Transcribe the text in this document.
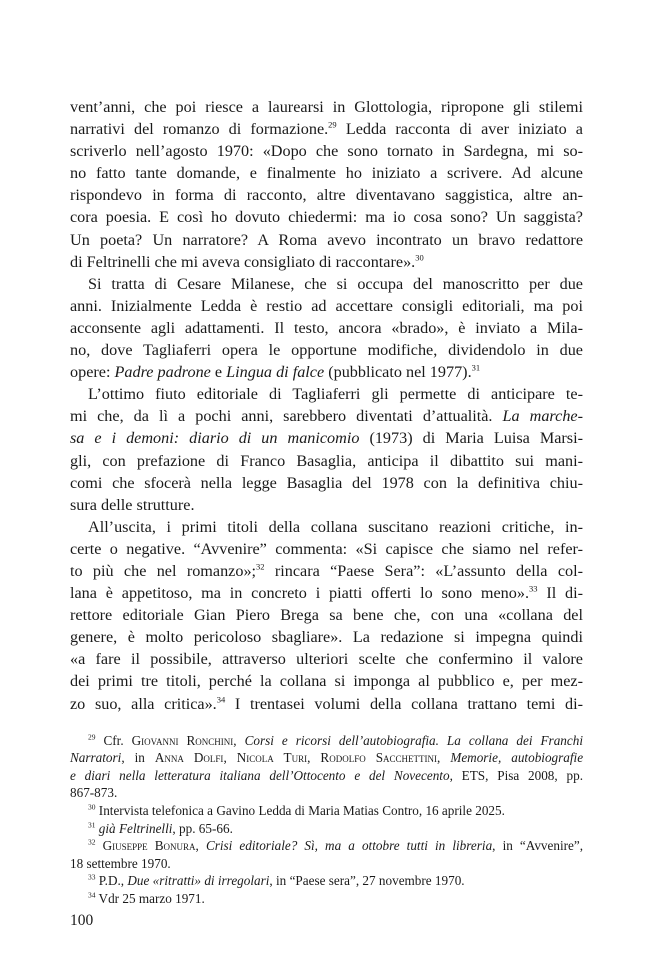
vent’anni, che poi riesce a laurearsi in Glottologia, ripropone gli stilemi
narrativi del romanzo di formazione.$^{29}$ Ledda racconta di aver iniziato a
scriverlo nell’agosto 1970: «Dopo che sono tornato in Sardegna, mi so-
no fatto tante domande, e finalmente ho iniziato a scrivere. Ad alcune
rispondevo in forma di racconto, altre diventavano saggistica, altre an-
cora poesia. E così ho dovuto chiedermi: ma io cosa sono? Un saggista?
Un poeta? Un narratore? A Roma avevo incontrato un bravo redattore
di Feltrinelli che mi aveva consigliato di raccontare».$^{30}$
Si tratta di Cesare Milanese, che si occupa del manoscritto per due
anni. Inizialmente Ledda è restio ad accettare consigli editoriali, ma poi
acconsente agli adattamenti. Il testo, ancora «brado», è inviato a Mila-
no, dove Tagliaferri opera le opportune modifiche, dividendolo in due
opere: Padre padrone e Lingua di falce (pubblicato nel 1977).$^{31}$
L’ottimo fiuto editoriale di Tagliaferri gli permette di anticipare te-
mi che, da lì a pochi anni, sarebbero diventati d’attualità. La marche-
sa e i demoni: diario di un manicomio (1973) di Maria Luisa Marsi-
gli, con prefazione di Franco Basaglia, anticipa il dibattito sui mani-
comi che sfocerà nella legge Basaglia del 1978 con la definitiva chiu-
sura delle strutture.
All’uscita, i primi titoli della collana suscitano reazioni critiche, in-
certe o negative. “Avvenire” commenta: «Si capisce che siamo nel refer-
to più che nel romanzo»;$^{32}$ rincara “Paese Sera”: «L’assunto della col-
lana è appetitoso, ma in concreto i piatti offerti lo sono meno».$^{33}$ Il di-
rettore editoriale Gian Piero Brega sa bene che, con una «collana del
genere, è molto pericoloso sbagliare». La redazione si impegna quindi
«a fare il possibile, attraverso ulteriori scelte che confermino il valore
dei primi tre titoli, perché la collana si imponga al pubblico e, per mez-
zo suo, alla critica».$^{34}$ I trentasei volumi della collana trattano temi di-
$^{29}$ Cfr. Giovanni Ronchini, Corsi e ricorsi dell’autobiografia. La collana dei Franchi
Narratori, in Anna Dolfi, Nicola Turi, Rodolfo Sacchettini, Memorie, autobiografie
e diari nella letteratura italiana dell’Ottocento e del Novecento, ETS, Pisa 2008, pp.
867-873.
$^{30}$ Intervista telefonica a Gavino Ledda di Maria Matias Contro, 16 aprile 2025.
$^{31}$ già Feltrinelli, pp. 65-66.
$^{32}$ Giuseppe Bonura, Crisi editoriale? Sì, ma a ottobre tutti in libreria, in “Avvenire”,
18 settembre 1970.
$^{33}$ P.D., Due «ritratti» di irregolari, in “Paese sera”, 27 novembre 1970.
$^{34}$ Vdr 25 marzo 1971.
100
